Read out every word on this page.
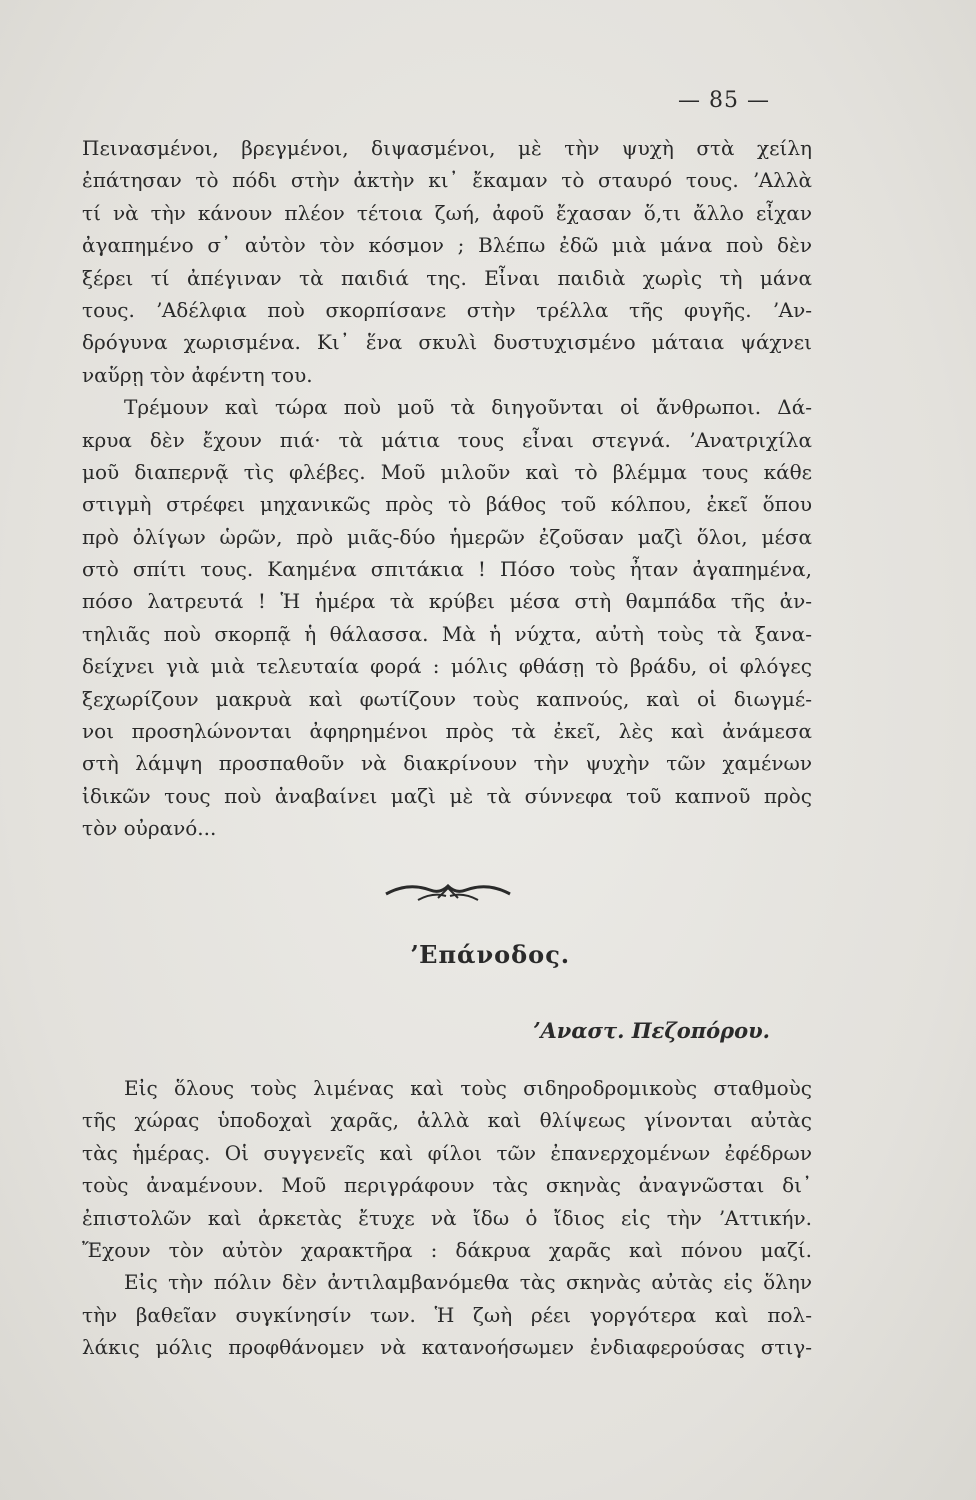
— 85 —
Πεινασμένοι, βρεγμένοι, διψασμένοι, μὲ τὴν ψυχὴ στὰ χείλη
ἐπάτησαν τὸ πόδι στὴν ἀκτὴν κι᾿ ἔκαμαν τὸ σταυρό τους. ʼΑλλὰ
τί νὰ τὴν κάνουν πλέον τέτοια ζωή, ἀφοῦ ἔχασαν ὅ,τι ἄλλο εἶχαν
ἀγαπημένο σ᾿ αὐτὸν τὸν κόσμον ; Βλέπω ἐδῶ μιὰ μάνα ποὺ δὲν
ξέρει τί ἀπέγιναν τὰ παιδιά της. Εἶναι παιδιὰ χωρὶς τὴ μάνα
τους. ʼΑδέλφια ποὺ σκορπίσανε στὴν τρέλλα τῆς φυγῆς. ʼΑν-
δρόγυνα χωρισμένα. Κι᾿ ἕνα σκυλὶ δυστυχισμένο μάταια ψάχνει
ναὕρῃ τὸν ἀφέντη του.
Τρέμουν καὶ τώρα ποὺ μοῦ τὰ διηγοῦνται οἱ ἄνθρωποι. Δά-
κρυα δὲν ἔχουν πιά· τὰ μάτια τους εἶναι στεγνά. ʼΑνατριχίλα
μοῦ διαπερνᾷ τὶς φλέβες. Μοῦ μιλοῦν καὶ τὸ βλέμμα τους κάθε
στιγμὴ στρέφει μηχανικῶς πρὸς τὸ βάθος τοῦ κόλπου, ἐκεῖ ὅπου
πρὸ ὀλίγων ὡρῶν, πρὸ μιᾶς-δύο ἡμερῶν ἐζοῦσαν μαζὶ ὅλοι, μέσα
στὸ σπίτι τους. Καημένα σπιτάκια ! Πόσο τοὺς ἦταν ἀγαπημένα,
πόσο λατρευτά ! Ἡ ἡμέρα τὰ κρύβει μέσα στὴ θαμπάδα τῆς ἀν-
τηλιᾶς ποὺ σκορπᾷ ἡ θάλασσα. Μὰ ἡ νύχτα, αὐτὴ τοὺς τὰ ξανα-
δείχνει γιὰ μιὰ τελευταία φορά : μόλις φθάσῃ τὸ βράδυ, οἱ φλόγες
ξεχωρίζουν μακρυὰ καὶ φωτίζουν τοὺς καπνούς, καὶ οἱ διωγμέ-
νοι προσηλώνονται ἀφηρημένοι πρὸς τὰ ἐκεῖ, λὲς καὶ ἀνάμεσα
στὴ λάμψη προσπαθοῦν νὰ διακρίνουν τὴν ψυχὴν τῶν χαμένων
ἰδικῶν τους ποὺ ἀναβαίνει μαζὶ μὲ τὰ σύννεφα τοῦ καπνοῦ πρὸς
τὸν οὐρανό...
ʼΕπάνοδος.
ʼΑναστ. Πεζοπόρου.
Εἰς ὅλους τοὺς λιμένας καὶ τοὺς σιδηροδρομικοὺς σταθμοὺς
τῆς χώρας ὑποδοχαὶ χαρᾶς, ἀλλὰ καὶ θλίψεως γίνονται αὐτὰς
τὰς ἡμέρας. Οἱ συγγενεῖς καὶ φίλοι τῶν ἐπανερχομένων ἐφέδρων
τοὺς ἀναμένουν. Μοῦ περιγράφουν τὰς σκηνὰς ἀναγνῶσται δι᾿
ἐπιστολῶν καὶ ἀρκετὰς ἔτυχε νὰ ἴδω ὁ ἴδιος εἰς τὴν ʼΑττικήν.
Ἔχουν τὸν αὐτὸν χαρακτῆρα : δάκρυα χαρᾶς καὶ πόνου μαζί.
Εἰς τὴν πόλιν δὲν ἀντιλαμβανόμεθα τὰς σκηνὰς αὐτὰς εἰς ὅλην
τὴν βαθεῖαν συγκίνησίν των. Ἡ ζωὴ ρέει γοργότερα καὶ πολ-
λάκις μόλις προφθάνομεν νὰ κατανοήσωμεν ἐνδιαφερούσας στιγ-
